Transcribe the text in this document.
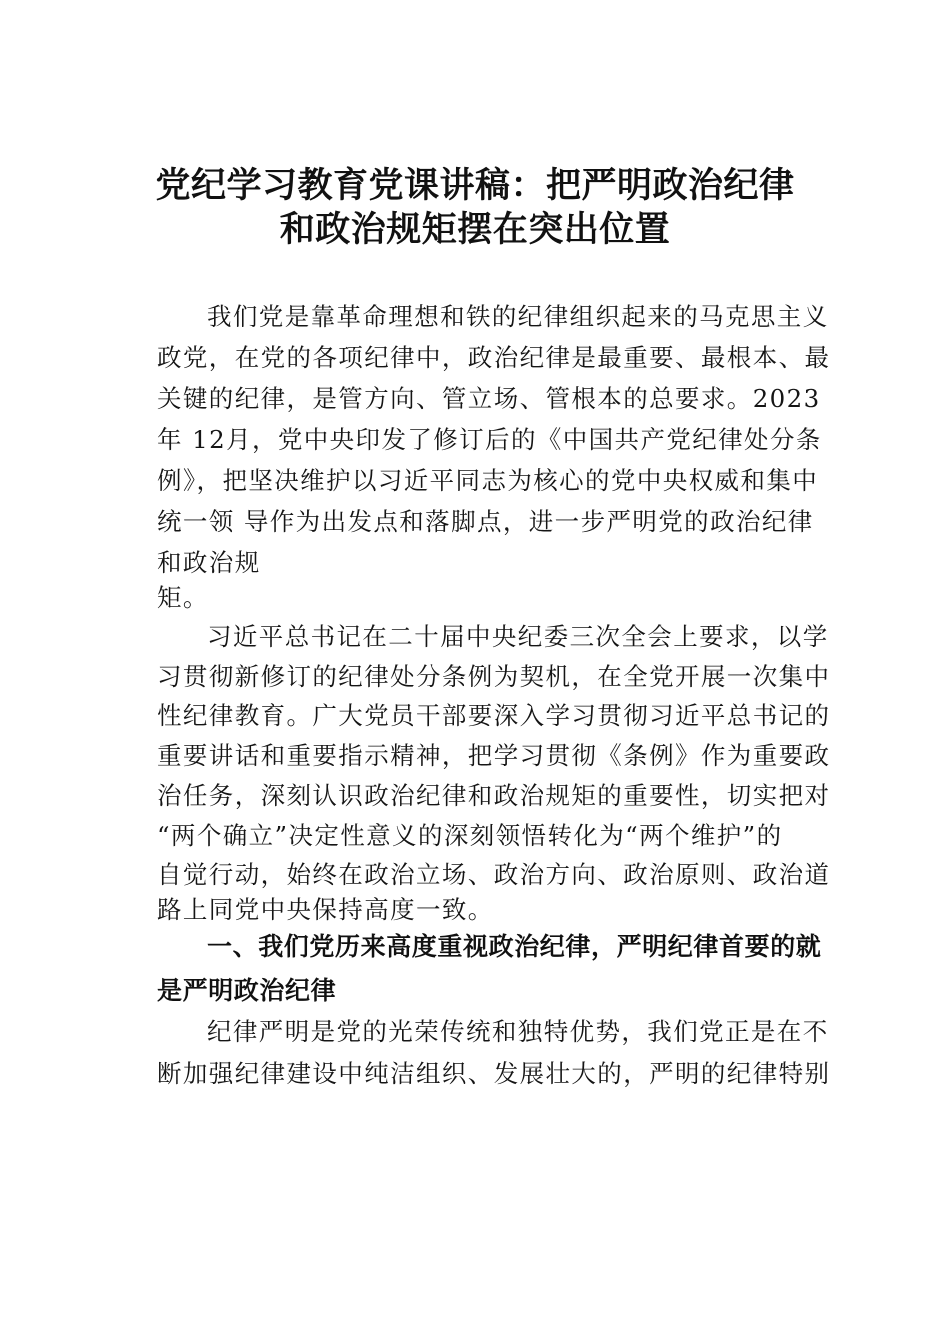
党纪学习教育党课讲稿：把严明政治纪律
和政治规矩摆在突出位置
我们党是靠革命理想和铁的纪律组织起来的马克思主义
政党，在党的各项纪律中，政治纪律是最重要、最根本、最
关键的纪律，是管方向、管立场、管根本的总要求。2023
年 12月，党中央印发了修订后的《中国共产党纪律处分条
例》，把坚决维护以习近平同志为核心的党中央权威和集中
统一领 导作为出发点和落脚点，进一步严明党的政治纪律
和政治规
矩。
习近平总书记在二十届中央纪委三次全会上要求，以学
习贯彻新修订的纪律处分条例为契机，在全党开展一次集中
性纪律教育。广大党员干部要深入学习贯彻习近平总书记的
重要讲话和重要指示精神，把学习贯彻《条例》作为重要政
治任务，深刻认识政治纪律和政治规矩的重要性，切实把对
“两个确立”决定性意义的深刻领悟转化为“两个维护”的
自觉行动，始终在政治立场、政治方向、政治原则、政治道
路上同党中央保持高度一致。
一、我们党历来高度重视政治纪律，严明纪律首要的就
是严明政治纪律
纪律严明是党的光荣传统和独特优势，我们党正是在不
断加强纪律建设中纯洁组织、发展壮大的，严明的纪律特别
